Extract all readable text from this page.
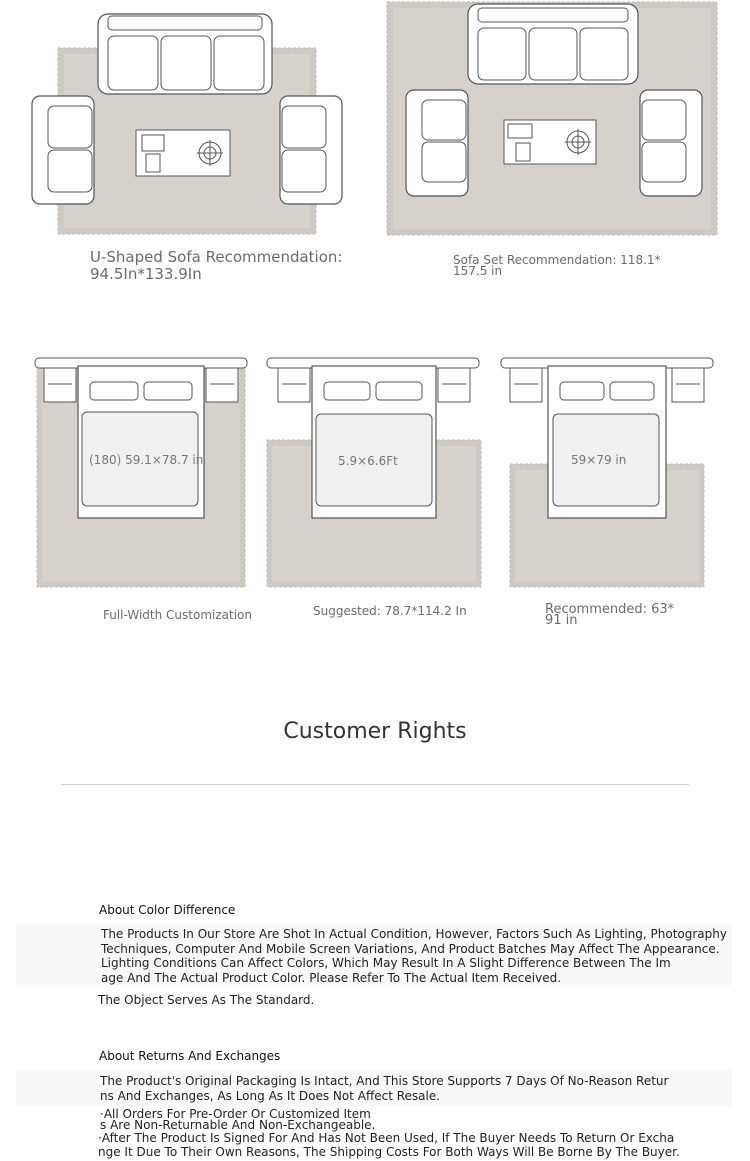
U-Shaped Sofa Recommendation:
94.5In*133.9In
Sofa Set Recommendation: 118.1*
157.5 in
(180) 59.1×78.7 in
Full-Width Customization
5.9×6.6Ft
Suggested: 78.7*114.2 In
59×79 in
Recommended: 63*
91 in
Customer Rights
About Color Difference
The Products In Our Store Are Shot In Actual Condition, However, Factors Such As Lighting, Photography
Techniques, Computer And Mobile Screen Variations, And Product Batches May Affect The Appearance.
Lighting Conditions Can Affect Colors, Which May Result In A Slight Difference Between The Im
age And The Actual Product Color. Please Refer To The Actual Item Received.
The Object Serves As The Standard.
About Returns And Exchanges
The Product's Original Packaging Is Intact, And This Store Supports 7 Days Of No-Reason Retur
ns And Exchanges, As Long As It Does Not Affect Resale.
·All Orders For Pre-Order Or Customized Item
s Are Non-Returnable And Non-Exchangeable.
·After The Product Is Signed For And Has Not Been Used, If The Buyer Needs To Return Or Excha
nge It Due To Their Own Reasons, The Shipping Costs For Both Ways Will Be Borne By The Buyer.
